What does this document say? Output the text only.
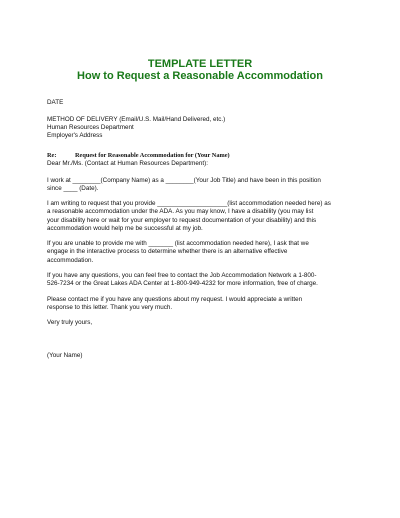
TEMPLATE LETTER
How to Request a Reasonable Accommodation
DATE
METHOD OF DELIVERY (Email/U.S. Mail/Hand Delivered, etc.)
Human Resources Department
Employer's Address
Re:	Request for Reasonable Accommodation for (Your Name)
Dear Mr./Ms. (Contact at Human Resources Department):
I work at ________(Company Name) as a ________(Your Job Title) and have been in this position
since ____ (Date).
I am writing to request that you provide ____________________(list accommodation needed here) as
a reasonable accommodation under the ADA. As you may know, I have a disability (you may list
your disability here or wait for your employer to request documentation of your disability) and this
accommodation would help me be successful at my job.
If you are unable to provide me with _______ (list accommodation needed here), I ask that we
engage in the interactive process to determine whether there is an alternative effective
accommodation.
If you have any questions, you can feel free to contact the Job Accommodation Network a 1-800-
526-7234 or the Great Lakes ADA Center at 1-800-949-4232 for more information, free of charge.
Please contact me if you have any questions about my request. I would appreciate a written
response to this letter. Thank you very much.
Very truly yours,
(Your Name)
